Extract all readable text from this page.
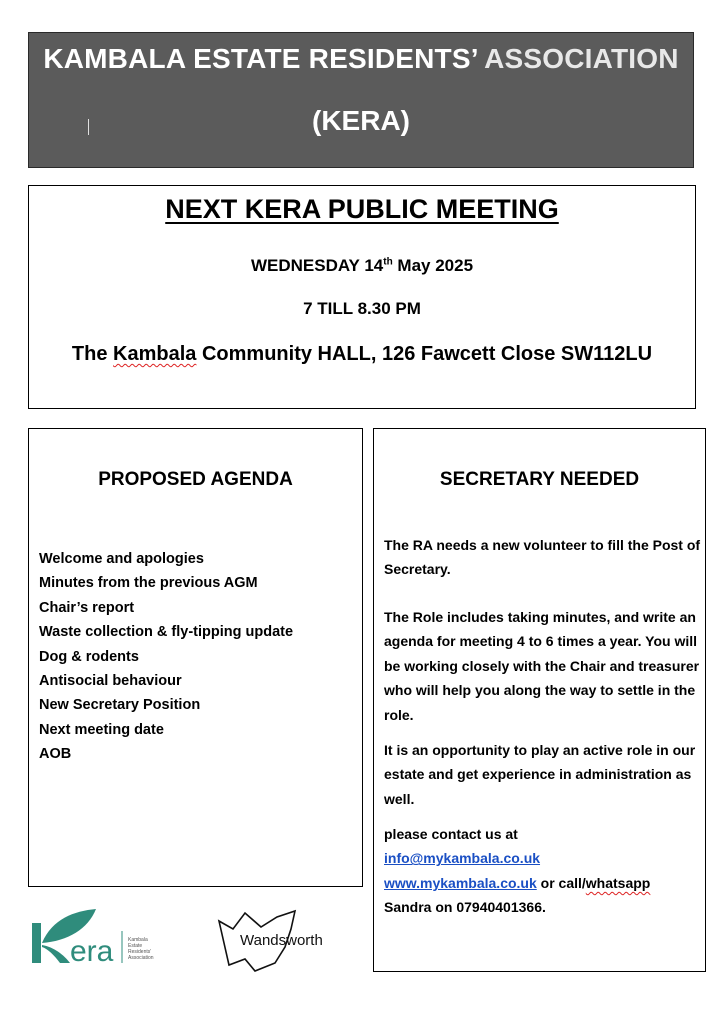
KAMBALA ESTATE RESIDENTS’ ASSOCIATION
(KERA)
NEXT KERA PUBLIC MEETING
WEDNESDAY 14th May 2025
7 TILL 8.30 PM
The Kambala Community HALL, 126 Fawcett Close SW112LU
PROPOSED AGENDA
Welcome and apologies
Minutes from the previous AGM
Chair’s report
Waste collection & fly-tipping update
Dog & rodents
Antisocial behaviour
New Secretary Position
Next meeting date
AOB
SECRETARY NEEDED

The RA needs a new volunteer to fill the Post of Secretary.

The Role includes taking minutes, and write an agenda for meeting 4 to 6 times a year. You will be working closely with the Chair and treasurer who will help you along the way to settle in the role.

It is an opportunity to play an active role in our estate and get experience in administration as well.

please contact us at
info@mykambala.co.uk
www.mykambala.co.uk or call/whatsapp
Sandra on 07940401366.
era	Kambala
Estate
Residents'
Association
Wandsworth
